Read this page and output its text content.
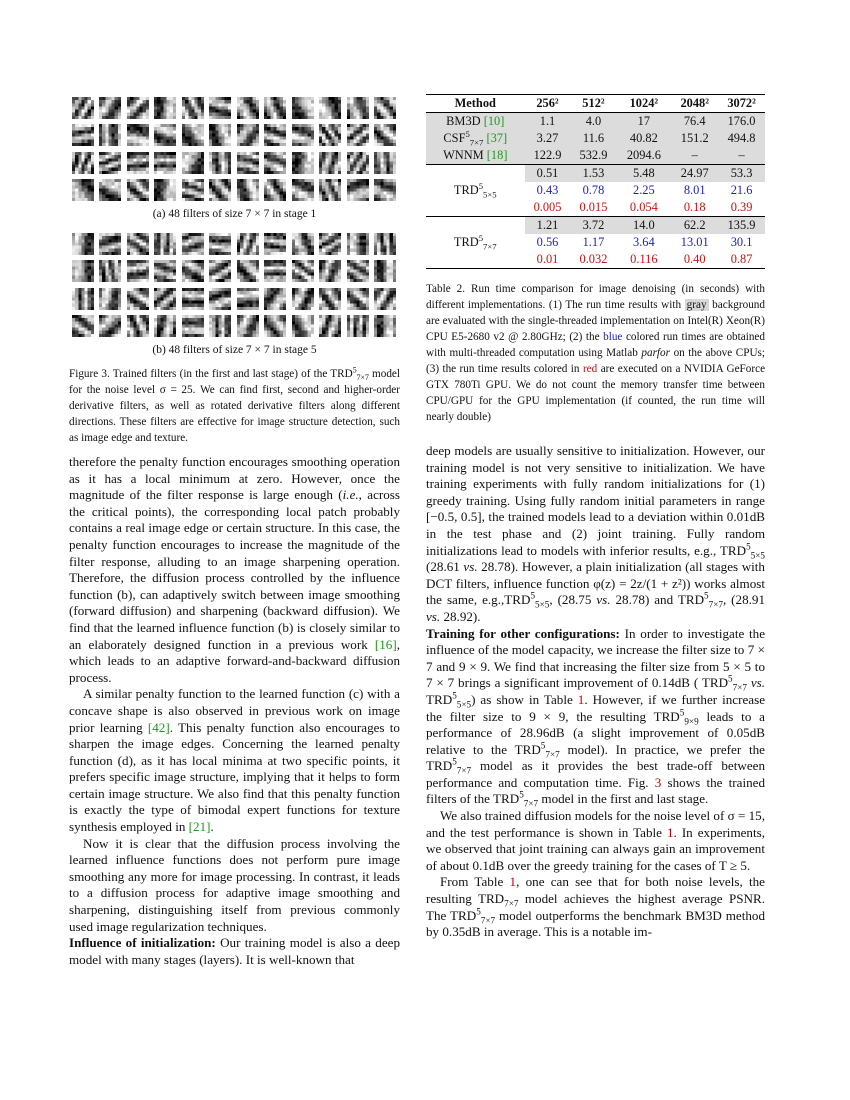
(a) 48 filters of size 7 × 7 in stage 1
(b) 48 filters of size 7 × 7 in stage 5
Figure 3. Trained filters (in the first and last stage) of the $TRD^5_{7\times 7}$ model for the noise level σ = 25. We can find first, second and higher-order derivative filters, as well as rotated derivative filters along different directions. These filters are effective for image structure detection, such as image edge and texture.

therefore the penalty function encourages smoothing operation as it has a local minimum at zero. However, once the magnitude of the filter response is large enough (i.e., across the critical points), the corresponding local patch probably contains a real image edge or certain structure. In this case, the penalty function encourages to increase the magnitude of the filter response, alluding to an image sharpening operation. Therefore, the diffusion process controlled by the influence function (b), can adaptively switch between image smoothing (forward diffusion) and sharpening (backward diffusion). We find that the learned influence function (b) is closely similar to an elaborately designed function in a previous work [16], which leads to an adaptive forward-and-backward diffusion process.

A similar penalty function to the learned function (c) with a concave shape is also observed in previous work on image prior learning [42]. This penalty function also encourages to sharpen the image edges. Concerning the learned penalty function (d), as it has local minima at two specific points, it prefers specific image structure, implying that it helps to form certain image structure. We also find that this penalty function is exactly the type of bimodal expert functions for texture synthesis employed in [21].

Now it is clear that the diffusion process involving the learned influence functions does not perform pure image smoothing any more for image processing. In contrast, it leads to a diffusion process for adaptive image smoothing and sharpening, distinguishing itself from previous commonly used image regularization techniques.

Influence of initialization: Our training model is also a deep model with many stages (layers). It is well-known that

Method	256²	512²	1024²	2048²	3072²
BM3D [10]	1.1	4.0	17	76.4	176.0
$CSF^5_{7\times 7}$ [37]	3.27	11.6	40.82	151.2	494.8
WNNM [18]	122.9	532.9	2094.6	–	–
$TRD^5_{5\times 5}$	0.51	1.53	5.48	24.97	53.3
	0.43	0.78	2.25	8.01	21.6
	0.005	0.015	0.054	0.18	0.39
$TRD^5_{7\times 7}$	1.21	3.72	14.0	62.2	135.9
	0.56	1.17	3.64	13.01	30.1
	0.01	0.032	0.116	0.40	0.87
Table 2. Run time comparison for image denoising (in seconds) with different implementations. (1) The run time results with gray background are evaluated with the single-threaded implementation on Intel(R) Xeon(R) CPU E5-2680 v2 @ 2.80GHz; (2) the blue colored run times are obtained with multi-threaded computation using Matlab parfor on the above CPUs; (3) the run time results colored in red are executed on a NVIDIA GeForce GTX 780Ti GPU. We do not count the memory transfer time between CPU/GPU for the GPU implementation (if counted, the run time will nearly double)

deep models are usually sensitive to initialization. However, our training model is not very sensitive to initialization. We have training experiments with fully random initializations for (1) greedy training. Using fully random initial parameters in range [−0.5, 0.5], the trained models lead to a deviation within 0.01dB in the test phase and (2) joint training. Fully random initializations lead to models with inferior results, e.g., $TRD^5_{5\times 5}$ (28.61 vs. 28.78). However, a plain initialization (all stages with DCT filters, influence function φ(z) = 2z/(1 + z²)) works almost the same, $e.g.,TRD^5_{5\times 5}$, (28.75 vs. 28.78) and $TRD^5_{7\times 7}$, (28.91 vs. 28.92).

Training for other configurations: In order to investigate the influence of the model capacity, we increase the filter size to 7 × 7 and 9 × 9. We find that increasing the filter size from 5 × 5 to 7 × 7 brings a significant improvement of 0.14dB ( $TRD^5_{7\times 7}$ vs. $TRD^5_{5\times 5}$) as show in Table 1. However, if we further increase the filter size to 9 × 9, the resulting $TRD^5_{9\times 9}$ leads to a performance of 28.96dB (a slight improvement of 0.05dB relative to the $TRD^5_{7\times 7}$ model). In practice, we prefer the $TRD^5_{7\times 7}$ model as it provides the best trade-off between performance and computation time. Fig. 3 shows the trained filters of the $TRD^5_{7\times 7}$ model in the first and last stage.

We also trained diffusion models for the noise level of σ = 15, and the test performance is shown in Table 1. In experiments, we observed that joint training can always gain an improvement of about 0.1dB over the greedy training for the cases of T ≥ 5.

From Table 1, one can see that for both noise levels, the resulting $TRD_{7\times 7}$ model achieves the highest average PSNR. The $TRD^5_{7\times 7}$ model outperforms the benchmark BM3D method by 0.35dB in average. This is a notable im-
